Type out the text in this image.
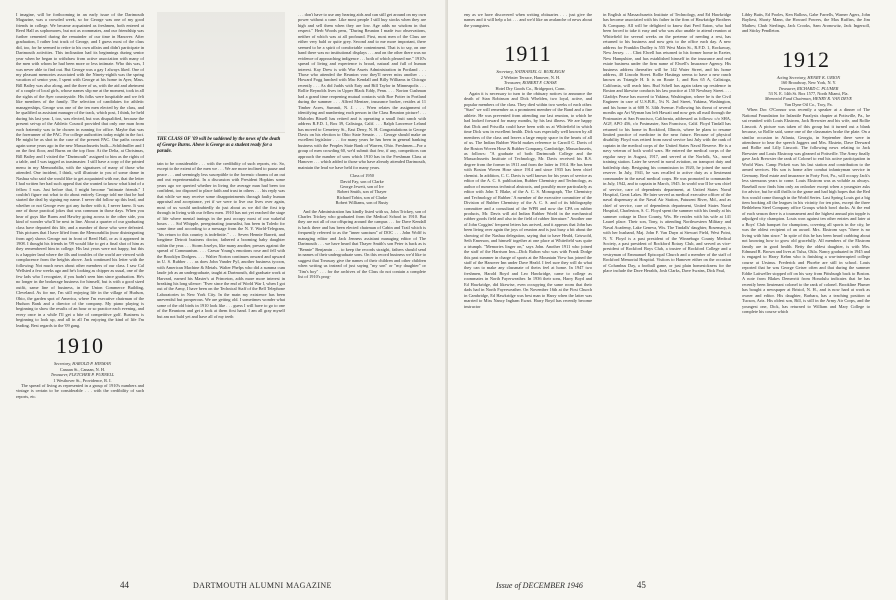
I imagine, will be forthcoming in an early issue of the Dartmouth Magazine, was a crowded week, so for George was one of my good friends in college. We became acquainted as freshmen, both entered at Reed Hall as sophomores, but not as roommates, and our friendship was further cemented during the remainder of our time in Hanover. After graduation, I rather lost track of George, and I guess most of the class did, too, for he seemed to retire to his own affairs and didn't participate in Dartmouth activities. This inclination had its beginnings during senior year when he began to withdraw from active association with many of the men with whom he had been more or less intimate. Who this was, I was never able to find out. But George was a gay I always liked. One of my pleasant memories associated with the Ninety-eighth was the spring vacation of senior year, I spent with George at his home in Ayer, Mass. Bill Bailey was also along, and the three of us, with the aid and abetment of a couple of local girls, whose names slip me at the moment, took in all the sights of the Ayer countryside. His folks were hospitable and we felt like members of the family. The selection of candidates for athletic managerships, George was one of the ten men elected by the class, and he qualified as assistant manager of the track, which post, I think, he held during his last year. I, too, was elected, but was disqualified, because the present set-up of the Athletic Council provided that only one man from each fraternity was to be chosen in running for office. Maybe that was the forerunner of the PAC. For college authorities today might in the fact. He might be as shot in the case of the present PAC. Our paths crossed again some years ago in the new Massachusetts built—Schildmiller and I on the first floor, and Burns on the top floor. At the Delta, at Christmas, Bill Bailey and I visited the "Dartmouth" assigned to him as the rights of a table, and I was tagged as toastmaster. I still have a copy of the printed menu in my Memorabilia, with the signatures of many of those who attended. One incident, I think, will illustrate to you of some dame in Nashua who said she would like to get acquainted with me, that the letter I had written her had such appeal that she wanted to know what kind of a fellow I was. Just before that, I might become "intimate friends." I couldn't figure out what to do about entirely George told me that he had started the deal by signing my name. I never did follow up this lead, and whether or not George ever got any further with it, I never knew. It was one of those practical jokes that was common in those days. When you hear of guys like Burns and Hawley going across to the other side, you kind of wonder who'll be next in line. About a quarter of our graduating class have departed this life, and a number of those who were defeated. This pictures that I have lifted from the Memorabilia (now disintegrating from age) shows George not in front of Reed Hall, or as it appeared in 1908. I thought his friends in '09 would like to get a final shot of him as they remembered him in college. His last years were not happy, but this is a happier land where the ills and troubles of the world are viewed with complacence from the heights above. Jack continued his letter with the following: Not much news about other members of our class. I saw Cal Wellsted a few weeks ago and he's looking as chipper as usual, one of the few lads who I recognize, if you hadn't seen him since graduation. He's no longer in the brokerage business for himself, but is with a good sized outfit, same line of business, in the Union Commerce Building, Cleveland. As for me, I'm still enjoying life in the village of Hudson, Ohio, the garden spot of America, where I'm executive chairman of the Hudson Bank and a director of the company. My piano playing is beginning to show the results of an hour or so practice each evening, and every once in a while I'll get a bite of competitive golf. Business is beginning to look up, and all in all I'm enjoying the kind of life I'm leading. Best regards to the '09 gang.

1910

Secretary, HAROLD P. HINMAN

Canaan St., Canaan, N. H.

Treasurer, FLETCHER P. PURNELL

1 Westhover St., Providence, R. I.

The spread of living as represented in a group of 1910's numbers and vintage is certain to be considerable . . . with the credibility of such reports, etc.

THE CLASS OF '09 will be saddened by the news of the death of George Burns. Above is George as a student ready for a parade.

tain to be considerable . . . with the credibility of such reports, etc. So, except to the extent of the men we . . . We are more inclined to pause and peace . . . and seemingly less susceptible to the forensic charms of an out and out experimentalist. In a discussion with President Hopkins some years ago we queried whether in living the average man had been too confident, too disposed to place faith and trust in others . . . his reply was that while we may receive some disappointments through faulty human appraisal and acceptance, yet if we were to live our lives over again, most of us would undoubtedly do just about as we did the first trip through in living with our fellow men. 1910 has not yet reached the stage of life where mental innings in the past occupy most of our wakeful hours . . . Sid Whipple, peregrinating journalist, has been in Toledo for some time and according to a message from the N. Y. World-Telegram, "his return to this country is indefinite." . . . Seven Hennie Barrett, and longtime Detroit business doctor, fathered a booming baby daughter within the year. . . . Storm Joselyn, like many another, presses against the spread of Communism. . . . Caesar Young's emotions rose and fell with the Brooklyn Dodgers. . . . Walter Norton continues onward and upward in U. S. Rubber . . . as does John Vander Pyl, another business tycoon, with American Machine & Metals. Walter Phelps who did a summa cum laude job as an undergraduate, taught at Dartmouth, did graduate work at Harvard, earned his Master's at Princeton, adds more more interest in breaking his long silence: "Ever since the end of World War I, when I got out of the Army, I have been on the Technical Staff of the Bell Telephone Laboratories in New York City. In the main my existence has been uneventful but prosperous. We are getting old. I sometimes wonder what some of the old birds in 1910 look like . . . guess I will have to go to one of the Reunions and get a look at them first hand. I am all gray myself but am not bald yet and have all of my teeth

. . . don't have to use any hearing aids and can still get around on my own power without a cane. Like most people I still buy stocks when they are high and sell them when they are low. Age adds no wisdom in that respect." Herb Woods pens, "During Reunion I made two observations, neither of which was at all profound. First, most men of the Class are either very bald or quite grey. Second and to me more important, there seemed to be a spirit of comfortable contentment. That is to say, on one hand there was no institutional displays . . . and on the other there was no evidence of approaching indigence . . . both of which pleased me." 1910's spread of living and experience is broad, natural and full of human interest. Kay Drew is with War Assets Administration in Portland . . . Those who attended the Reunion vow they'll never miss another . . . Howard Fogg lunched with Mac Kendall and Billy Williams in Chicago recently . . . As did Judds with Eaty and Bill Taylor in Minneapolis . . . Rollie Reynolds lives in Upper Black Eddy, Penn. . . . Norton Cushman had a grand time reopening mutual contacts with Roe Potter in Portland during the summer . . . Alfred Mentzer, insurance broker, resides at 11 Timber Acres, Summit, N. J. . . . Wren relates the assignment of identifying and numbering each person in the Class Reunion picture! . . . Malcolm Bissell has retired and is operating a small fruit ranch with address R.F.D. 1, Box 39, Calistoga, Calif. . . . Ralph Lawrence Leland has moved to Cemetery St., East Derry, N. H. Congratulations to George Davis on his election to Ohio State Senate. . . . George should make an excellent legislator . . . for many years he has been in general banking business with the Peoples State Bank of Warren, Ohio. Freshmen—For a group of men crowding 60, we'd submit that few, if any, competitors can approach the number of sons which 1910 has in the Freshman Class at Hanover . . . which added to those who have already attended Dartmouth, maintain the lead we have held for many years.

Class of 1950
David Fay, son of Clarke
George Jewett, son of Irv
Robert Smith, son of Thayer
Richard Tobin, son of Clarke
Robert Williams, son of Rusty

And the Administration has kindly listed with us, John Trickey, son of Charles Trickey who graduated from the Medical School in 1910. But they are not all of our offspring around the campus . . . for Dave Kendall is back there and has been elected chairman of Cabin and Trail which is frequently referred to as the "inner sanctum" of DOC . . . John Wolff is managing editor and Jack Jenness assistant managing editor of The Dartmouth . . . we have heard that Thayer Smith's son Peter is back as is "Bennie" Benjamin . . . to keep the records straight, fathers should send in names of their undergraduate sons. On this record business we'd like to suggest that Treasury give the names of their children and other children when writing us instead of just saying "my son" or "my daughter" or "Jim's boy" . . . for the archives of the Class do not contain a complete list of 1910's prog-

44	DARTMOUTH ALUMNI MAGAZINE

eny as we have discovered when writing obituaries . . . just give the names and it will help a lot . . . and we'd like an avalanche of news about the youngsters.

1911

Secretary, NATHANIEL G. BURLEIGH

2 Webster Terrace, Hanover, N. H.

Treasurer, ROBERT F. CHASE

Hotel Dry Goods Co., Bridgeport, Conn.

Again it is necessary to turn to the obituary notices to announce the death of Stan Robinson and Dick Whelden, two loyal, active, and popular members of the class. They died within two weeks of each other. "Stan" we will remember as a prominent member of the Band and a fine athlete. He was prevented from attending our last reunion, to which he had looked forward for many months, by his last illness. We are happy that Dick and Priscilla could have been with us at Whitefield in which time Dick was in excellent health. Dick was especially well known by all members of the class and leaves a large empty space in the hearts of all of us. The Indian Rubber World makes reference to Carroll C. Davis of the Boston Woven Hose & Rubber Company, Cambridge, Massachusetts, as follows: "A graduate of both Dartmouth College and the Massachusetts Institute of Technology, Mr. Davis received his B.S. degree from the former in 1911 and from the latter in 1914. He has been with Boston Woven Hose since 1914 and since 1935 has been chief chemist. In addition, C. C. Davis is well known for his years of service as editor of the A. C. S. publication, Rubber Chemistry and Technology, as author of numerous technical abstracts, and possibly more particularly as editor with John T. Blake, of the A. C. S. Monograph, 'The Chemistry and Technology of Rubber.' A member of the executive committee of the Division of Rubber Chemistry of the A. C. S. and of its bibliography committee and a consultant of the WPB and now the CPA on rubber products, Mr. Davis will aid Indian Rubber World in the mechanical rubber goods field and also in the field of rubber literature." Another one of John Coggins' frequent letters has arrived, and it appears that John has been living over again the joys of reunion and is just busy a bit about the showing of the Nashua delegation, saying that to have Heald, Griswold, Seth Emerson, and himself together at one place at Whitefield was quite a triumph. "Memories linger on," says John. Another 1911 who joined the staff of the Harrison Inn—Dick Ralton who was with Frank Dodge this past summer in charge of sports at the Mountain View has joined the staff of the Hanover Inn under Dave Heald. I feel sure they will do what they can to make any classmate of theirs feel at home. In 1947 two freshmen, Harold Boyd and Leo Hawkridge, came to college as roommates in North Fayerweather. In 1936 their sons, Harry Boyd and Ed Hawkridge, did likewise, even occupying the same room that their dads had in North Fayerweather. On November 16th at the First Church in Cambridge, Ed Hawkridge was best man to Harry when the latter was married to Miss Nancy Ingham Ewart. Harry Boyd has recently become instructor

in English at Massachusetts Institute of Technology, and Ed Hawkridge has become associated with his father in the firm of Hawkridge Brothers & Company. All will be delighted to know that Fred Eaton, who had been forced to take it easy and who was also unable to attend reunion at Whitefield for several weeks on the pretense of needing a rest, has returned to his business and now gets to the office each day. A new address for Franklin Dudley is 555 West Main St., R.F.D. 1, Rockaway, New Jersey. . . . Clint Elwell has returned to his former home in Exeter, New Hampshire, and has established himself in the insurance and real estate business under the firm name of Elwell's Insurance Agency. His business address thereafter will be 142 Water Street, and his home address, 40 Lincoln Street. Rollie Hastings seems to have a new ranch known as Triangle H. It is on Route 1, and Box 65 A, Calistoga, California, will reach him. Bud Schell has again taken up residence in Boston and likewise conducts his law practice at 150 Newbury Street. . . . Gladdys Pease has moved to Yakima, Washington, where he is the Civil Engineer in care of U.S.B.R., 5¼ N. 2nd Street, Yakima, Washington, and his home is at 608 N. 34th Avenue. Following his threat of several months ago Art Wyman has left Hawaii and now gets all mail through the Postmaster at San Francisco, California, addressed as follows: c/o SHA, AGF, APO 456, c/o Postmaster, San Francisco, Calif. Floyd Tindall has returned to his home in Rockford, Illinois, where he plans to resume limited practice of medicine in the near future. Because of physical disability Floyd was retired from naval service last July with the rank of captain in the medical corps of the United States Naval Reserve. He is a navy veteran of both world wars. He entered the medical corps of the regular navy in August, 1917, and served at the Norfolk, Va., naval training station. Later he served in naval aviation, on transport duty and battleship duty. Resigning his commission in 1920, he joined the naval reserve. In July, 1941, he was recalled to active duty as a lieutenant commander in the naval medical corps. He was promoted to commander in July, 1942, and to captain in March, 1945. In world war II he was chief of service, care of dependents department, at United States Naval Hospital, Great Lakes. He later served as medical executive officer of the naval dispensary at the Naval Air Station, Patuxent River, Md., and as chief of service, care of dependents department, United States Naval Hospital, Charleston, S. C. Floyd spent the summer with his family at his summer cottage in Door County, Wis. He resides with his wife at 141 Laurel place. Their son, Tony, is attending Northwestern Military and Naval Academy, Lake Geneva, Wis. The Tindalls' daughter, Rosemary, is with her husband, Maj. John F. Van Duyn at Stewart Field, West Point, N. Y. Floyd is a past president of the Winnebago County Medical Society, a past president of Rockford Rotary Club, and served as vice-president of Rockford Boys Club, a trustee of Rockford College and a vestryman of Emmanuel Episcopal Church and a member of the staff of Rockford Memorial Hospital. Visitors to Hanover either on the occasion of Columbus Day, a football game, or just plain homesickness for the place include the Dave Heralds, Josh Clarks, Dave Swains, Dick Paul,

Libby Butts, Ed Pooles, Ken Balloss, Gabe Farrells, Warner Agers, John Bayliest, Shorty Mann, the Howard Powers, the Max Ruffins, the Jim Mathes; Chub Sterlings, Jack Crooks, Sam Aronowitz, Jack Ingersoll, and Sticky Pendleton.

1912

Acting Secretary, HENRY K. URION

160 Broadway, New York, N. Y.

Treasurer, RICHARD C. PLUMER

53 N. E. 14th St. Box 1577, North Miami, Fla.

Memorial Fund Chairman, HENRY R. VAN DEVE

Van Dyne Oil Co., Troy, Pa.

When Doc O'Connor was recently a speaker at a dinner of The National Foundation for Infantile Paralysis chapter at Pottsville, Pa., he sat reunited with Louis Ekstrom, Jack Brewster and his wife, and Rollie Linscott. A picture was taken of this group but it turned out a blank because, so Rollie said, some one of the classmates broke the plate. On a similar occasion in Atlanta, Georgia, in September there were in attendance to hear the speech Jaggers and Mrs. Ekstein, Dave Derward and Rollie and Lilly Linscott. The following news relating to Jack Brewster and Louis Ekstroop was gleaned at Pottsville. The Army finally gave Jack Brewster the rank of Colonel to end his active participation in World Wars. Camp Pickett was his last station and contribution to the armed services. His son is home after combat infantryman service in Germany. Real estate and insurance in Forty Fort, Pa., will occupy Jack's less strenuous years to come. Louis Ekstrom was as voluble as always. Baseball now finds him only an onlooker except when a youngster asks for advice, but he still thrills to the game and had high hopes that the Red Sox would come through in the World Series. Last Spring Louis got a big item booking all the leagues in his vicinity for ten pins, except the three Bethlehem Steel Company office Groups which bowl ducks. At the end of each season there is a tournament and the highest annual pin topple is adjudged city champion. Louis won against ten other entries and later at a Boys' Club banquet for champions, covering all sports in the city, he was the oldest recipient of an award. Mrs. Ekstrom says "there is no living with him since." In spite of this he has been heard crabbing about not knowing how to grow old gracefully. All members of the Ekstrom family are in good health. Betty the oldest daughter, is with Mrs. Edmund R. Brown and lives at Tulsa, Okla. Nancy graduated in 1945 and is engaged to Harry Kehm who is finishing a war-interrupted college course at Ursinus. Frederick and Phoebe are still in school. Louis reported that he was George Geiser often and that during the summer Eddie Laitweller stopped off on his way from Pittsburgh back to Boston. A note from Blakes Demerritt from Honolulu indicates that he has recently been lieutenant colonel to the rank of colonel. Brookline Plumer has bought a newspaper at Bristol, N. H., and is now hard at work as owner and editor. His daughter, Barbara, has a teaching position at Tucson, Ariz. His oldest son, Bill, is still in the Army Air Corps, and the youngest one, Dick, has returned to William and Mary College to complete his course which

Issue of DECEMBER 1946	45
